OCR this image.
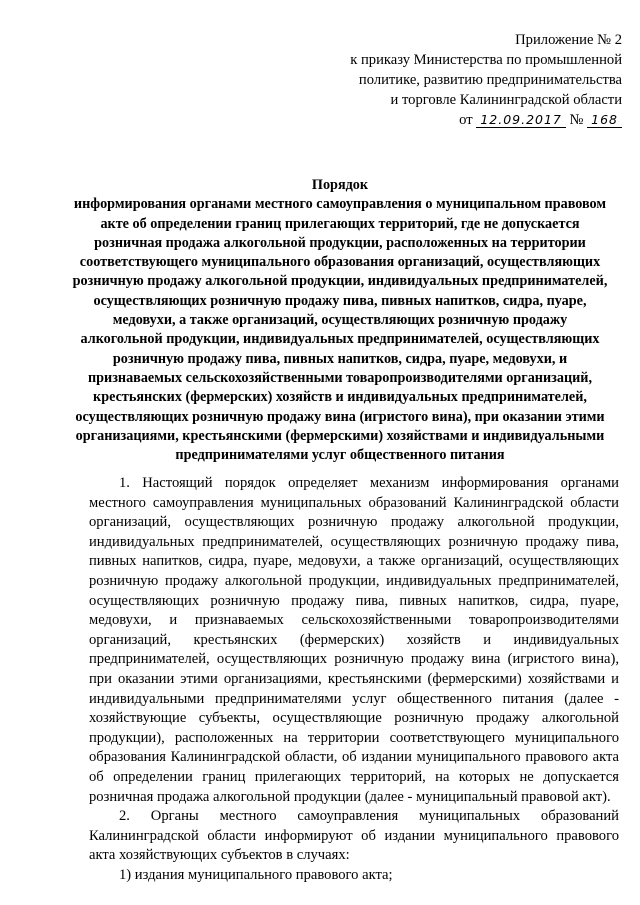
Приложение № 2
к приказу Министерства по промышленной
политике, развитию предпринимательства
и торговле Калининградской области
от 12.09.2017 № 168
Порядок
информирования органами местного самоуправления о муниципальном правовом акте об определении границ прилегающих территорий, где не допускается розничная продажа алкогольной продукции, расположенных на территории соответствующего муниципального образования организаций, осуществляющих розничную продажу алкогольной продукции, индивидуальных предпринимателей, осуществляющих розничную продажу пива, пивных напитков, сидра, пуаре, медовухи, а также организаций, осуществляющих розничную продажу алкогольной продукции, индивидуальных предпринимателей, осуществляющих розничную продажу пива, пивных напитков, сидра, пуаре, медовухи, и признаваемых сельскохозяйственными товаропроизводителями организаций, крестьянских (фермерских) хозяйств и индивидуальных предпринимателей, осуществляющих розничную продажу вина (игристого вина), при оказании этими организациями, крестьянскими (фермерскими) хозяйствами и индивидуальными предпринимателями услуг общественного питания

1. Настоящий порядок определяет механизм информирования органами местного самоуправления муниципальных образований Калининградской области организаций, осуществляющих розничную продажу алкогольной продукции, индивидуальных предпринимателей, осуществляющих розничную продажу пива, пивных напитков, сидра, пуаре, медовухи, а также организаций, осуществляющих розничную продажу алкогольной продукции, индивидуальных предпринимателей, осуществляющих розничную продажу пива, пивных напитков, сидра, пуаре, медовухи, и признаваемых сельскохозяйственными товаропроизводителями организаций, крестьянских (фермерских) хозяйств и индивидуальных предпринимателей, осуществляющих розничную продажу вина (игристого вина), при оказании этими организациями, крестьянскими (фермерскими) хозяйствами и индивидуальными предпринимателями услуг общественного питания (далее - хозяйствующие субъекты, осуществляющие розничную продажу алкогольной продукции), расположенных на территории соответствующего муниципального образования Калининградской области, об издании муниципального правового акта об определении границ прилегающих территорий, на которых не допускается розничная продажа алкогольной продукции (далее - муниципальный правовой акт).

2. Органы местного самоуправления муниципальных образований Калининградской области информируют об издании муниципального правового акта хозяйствующих субъектов в случаях:

1) издания муниципального правового акта;
